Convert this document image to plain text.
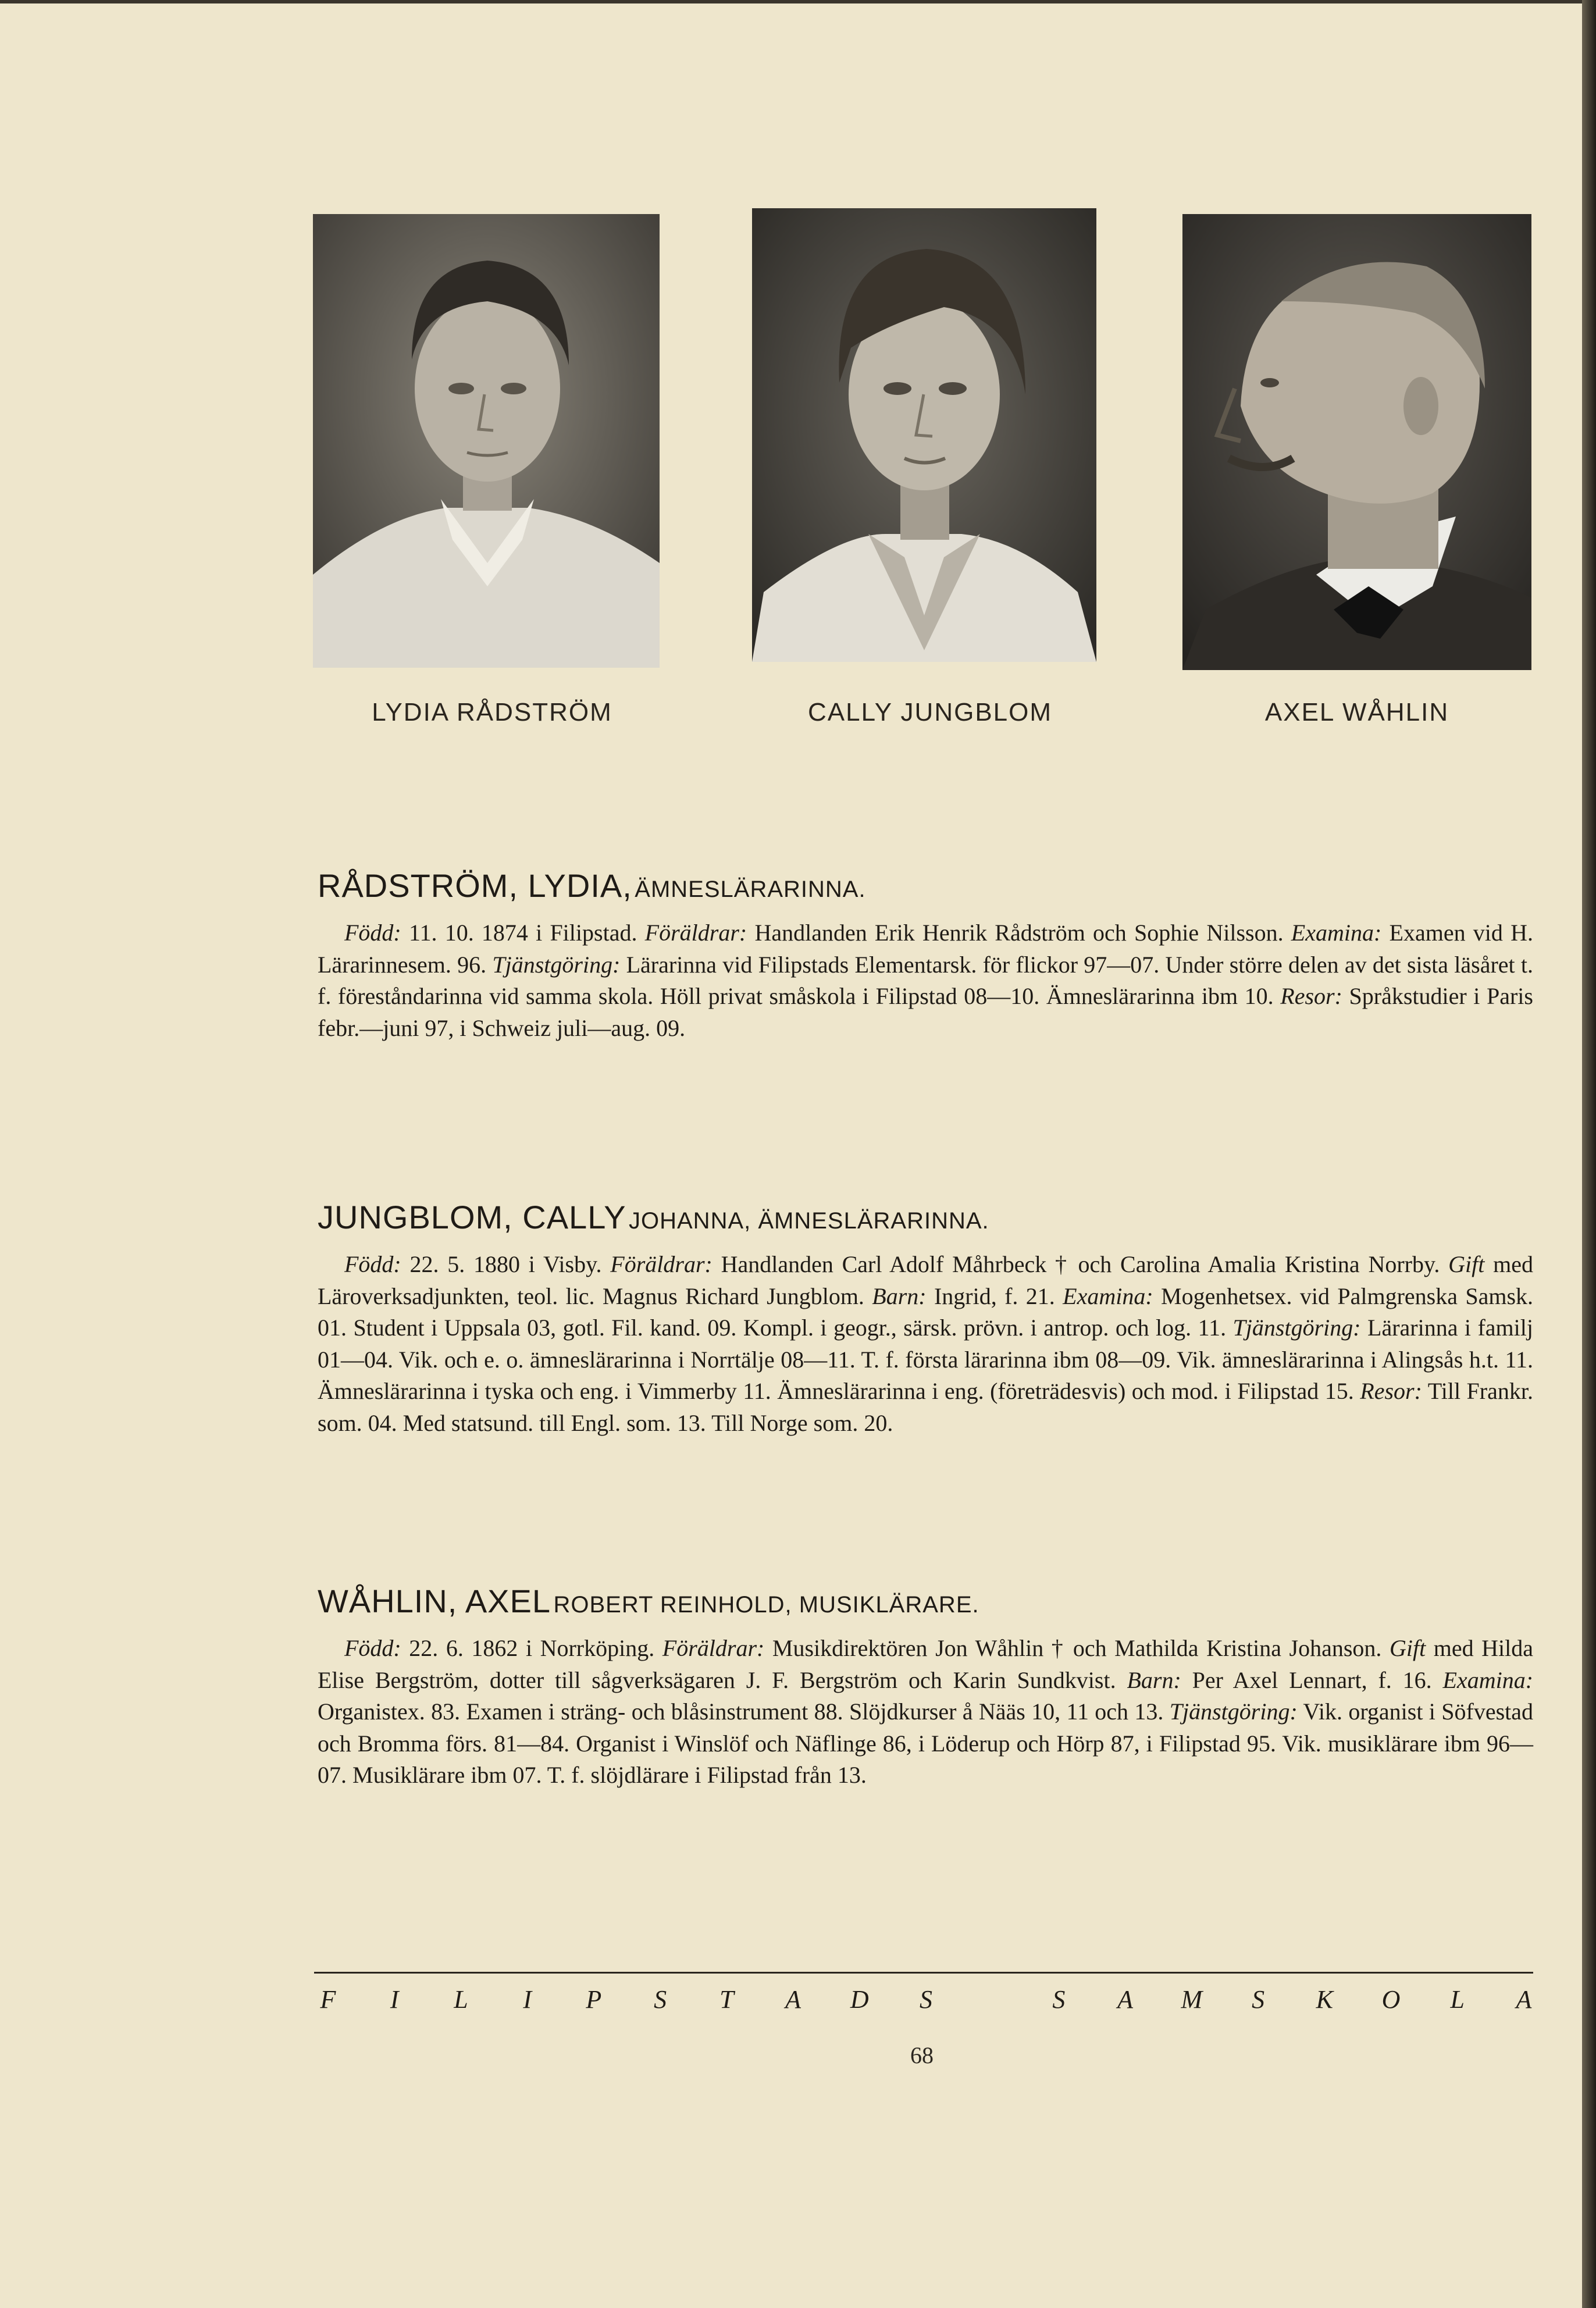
LYDIA RÅDSTRÖM	CALLY JUNGBLOM	AXEL WÅHLIN
RÅDSTRÖM, LYDIA, ÄMNESLÄRARINNA.

Född: 11. 10. 1874 i Filipstad. Föräldrar: Handlanden Erik Henrik Rådström och Sophie Nilsson. Examina: Examen vid H. Lärarinnesem. 96. Tjänstgöring: Lärarinna vid Filipstads Elementarsk. för flickor 97—07. Under större delen av det sista läsåret t. f. föreståndarinna vid samma skola. Höll privat småskola i Filipstad 08—10. Ämneslärarinna ibm 10. Resor: Språkstudier i Paris febr.—juni 97, i Schweiz juli—aug. 09.

JUNGBLOM, CALLY JOHANNA, ÄMNESLÄRARINNA.

Född: 22. 5. 1880 i Visby. Föräldrar: Handlanden Carl Adolf Måhrbeck † och Carolina Amalia Kristina Norrby. Gift med Läroverksadjunkten, teol. lic. Magnus Richard Jungblom. Barn: Ingrid, f. 21. Examina: Mogenhetsex. vid Palmgrenska Samsk. 01. Student i Uppsala 03, gotl. Fil. kand. 09. Kompl. i geogr., särsk. prövn. i antrop. och log. 11. Tjänstgöring: Lärarinna i familj 01—04. Vik. och e. o. ämneslärarinna i Norrtälje 08—11. T. f. första lärarinna ibm 08—09. Vik. ämneslärarinna i Alingsås h.t. 11. Ämneslärarinna i tyska och eng. i Vimmerby 11. Ämneslärarinna i eng. (företrädesvis) och mod. i Filipstad 15. Resor: Till Frankr. som. 04. Med statsund. till Engl. som. 13. Till Norge som. 20.

WÅHLIN, AXEL ROBERT REINHOLD, MUSIKLÄRARE.

Född: 22. 6. 1862 i Norrköping. Föräldrar: Musikdirektören Jon Wåhlin † och Mathilda Kristina Johanson. Gift med Hilda Elise Bergström, dotter till sågverksägaren J. F. Bergström och Karin Sundkvist. Barn: Per Axel Lennart, f. 16. Examina: Organistex. 83. Examen i sträng- och blåsinstrument 88. Slöjdkurser å Nääs 10, 11 och 13. Tjänstgöring: Vik. organist i Söfvestad och Bromma förs. 81—84. Organist i Winslöf och Näflinge 86, i Löderup och Hörp 87, i Filipstad 95. Vik. musiklärare ibm 96—07. Musiklärare ibm 07. T. f. slöjdlärare i Filipstad från 13.

F I L I P S T A D S	S A M S K O L A
68
